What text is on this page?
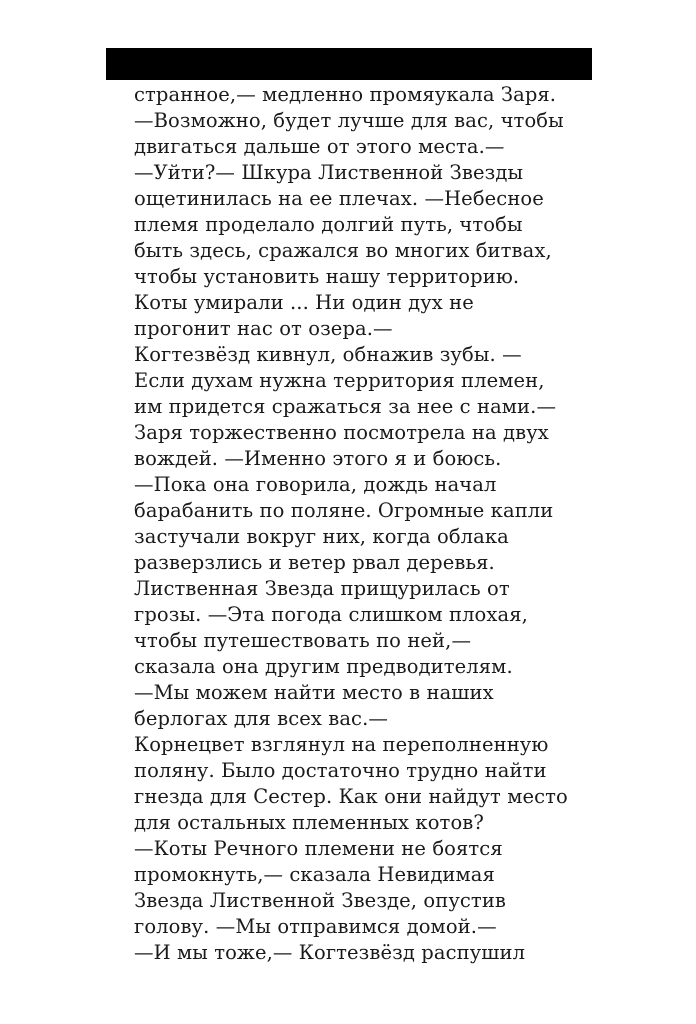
странное,— медленно промяукала Заря.
—Возможно, будет лучше для вас, чтобы
двигаться дальше от этого места.—
—Уйти?— Шкура Лиственной Звезды
ощетинилась на ее плечах. —Небесное
племя проделало долгий путь, чтобы
быть здесь, сражался во многих битвах,
чтобы установить нашу территорию.
Коты умирали ... Ни один дух не
прогонит нас от озера.—
Когтезвёзд кивнул, обнажив зубы. —
Если духам нужна территория племен,
им придется сражаться за нее с нами.—
Заря торжественно посмотрела на двух
вождей. —Именно этого я и боюсь.
—Пока она говорила, дождь начал
барабанить по поляне. Огромные капли
застучали вокруг них, когда облака
разверзлись и ветер рвал деревья.
Лиственная Звезда прищурилась от
грозы. —Эта погода слишком плохая,
чтобы путешествовать по ней,—
сказала она другим предводителям.
—Мы можем найти место в наших
берлогах для всех вас.—
Корнецвет взглянул на переполненную
поляну. Было достаточно трудно найти
гнезда для Сестер. Как они найдут место
для остальных племенных котов?
—Коты Речного племени не боятся
промокнуть,— сказала Невидимая
Звезда Лиственной Звезде, опустив
голову. —Мы отправимся домой.—
—И мы тоже,— Когтезвёзд распушил
